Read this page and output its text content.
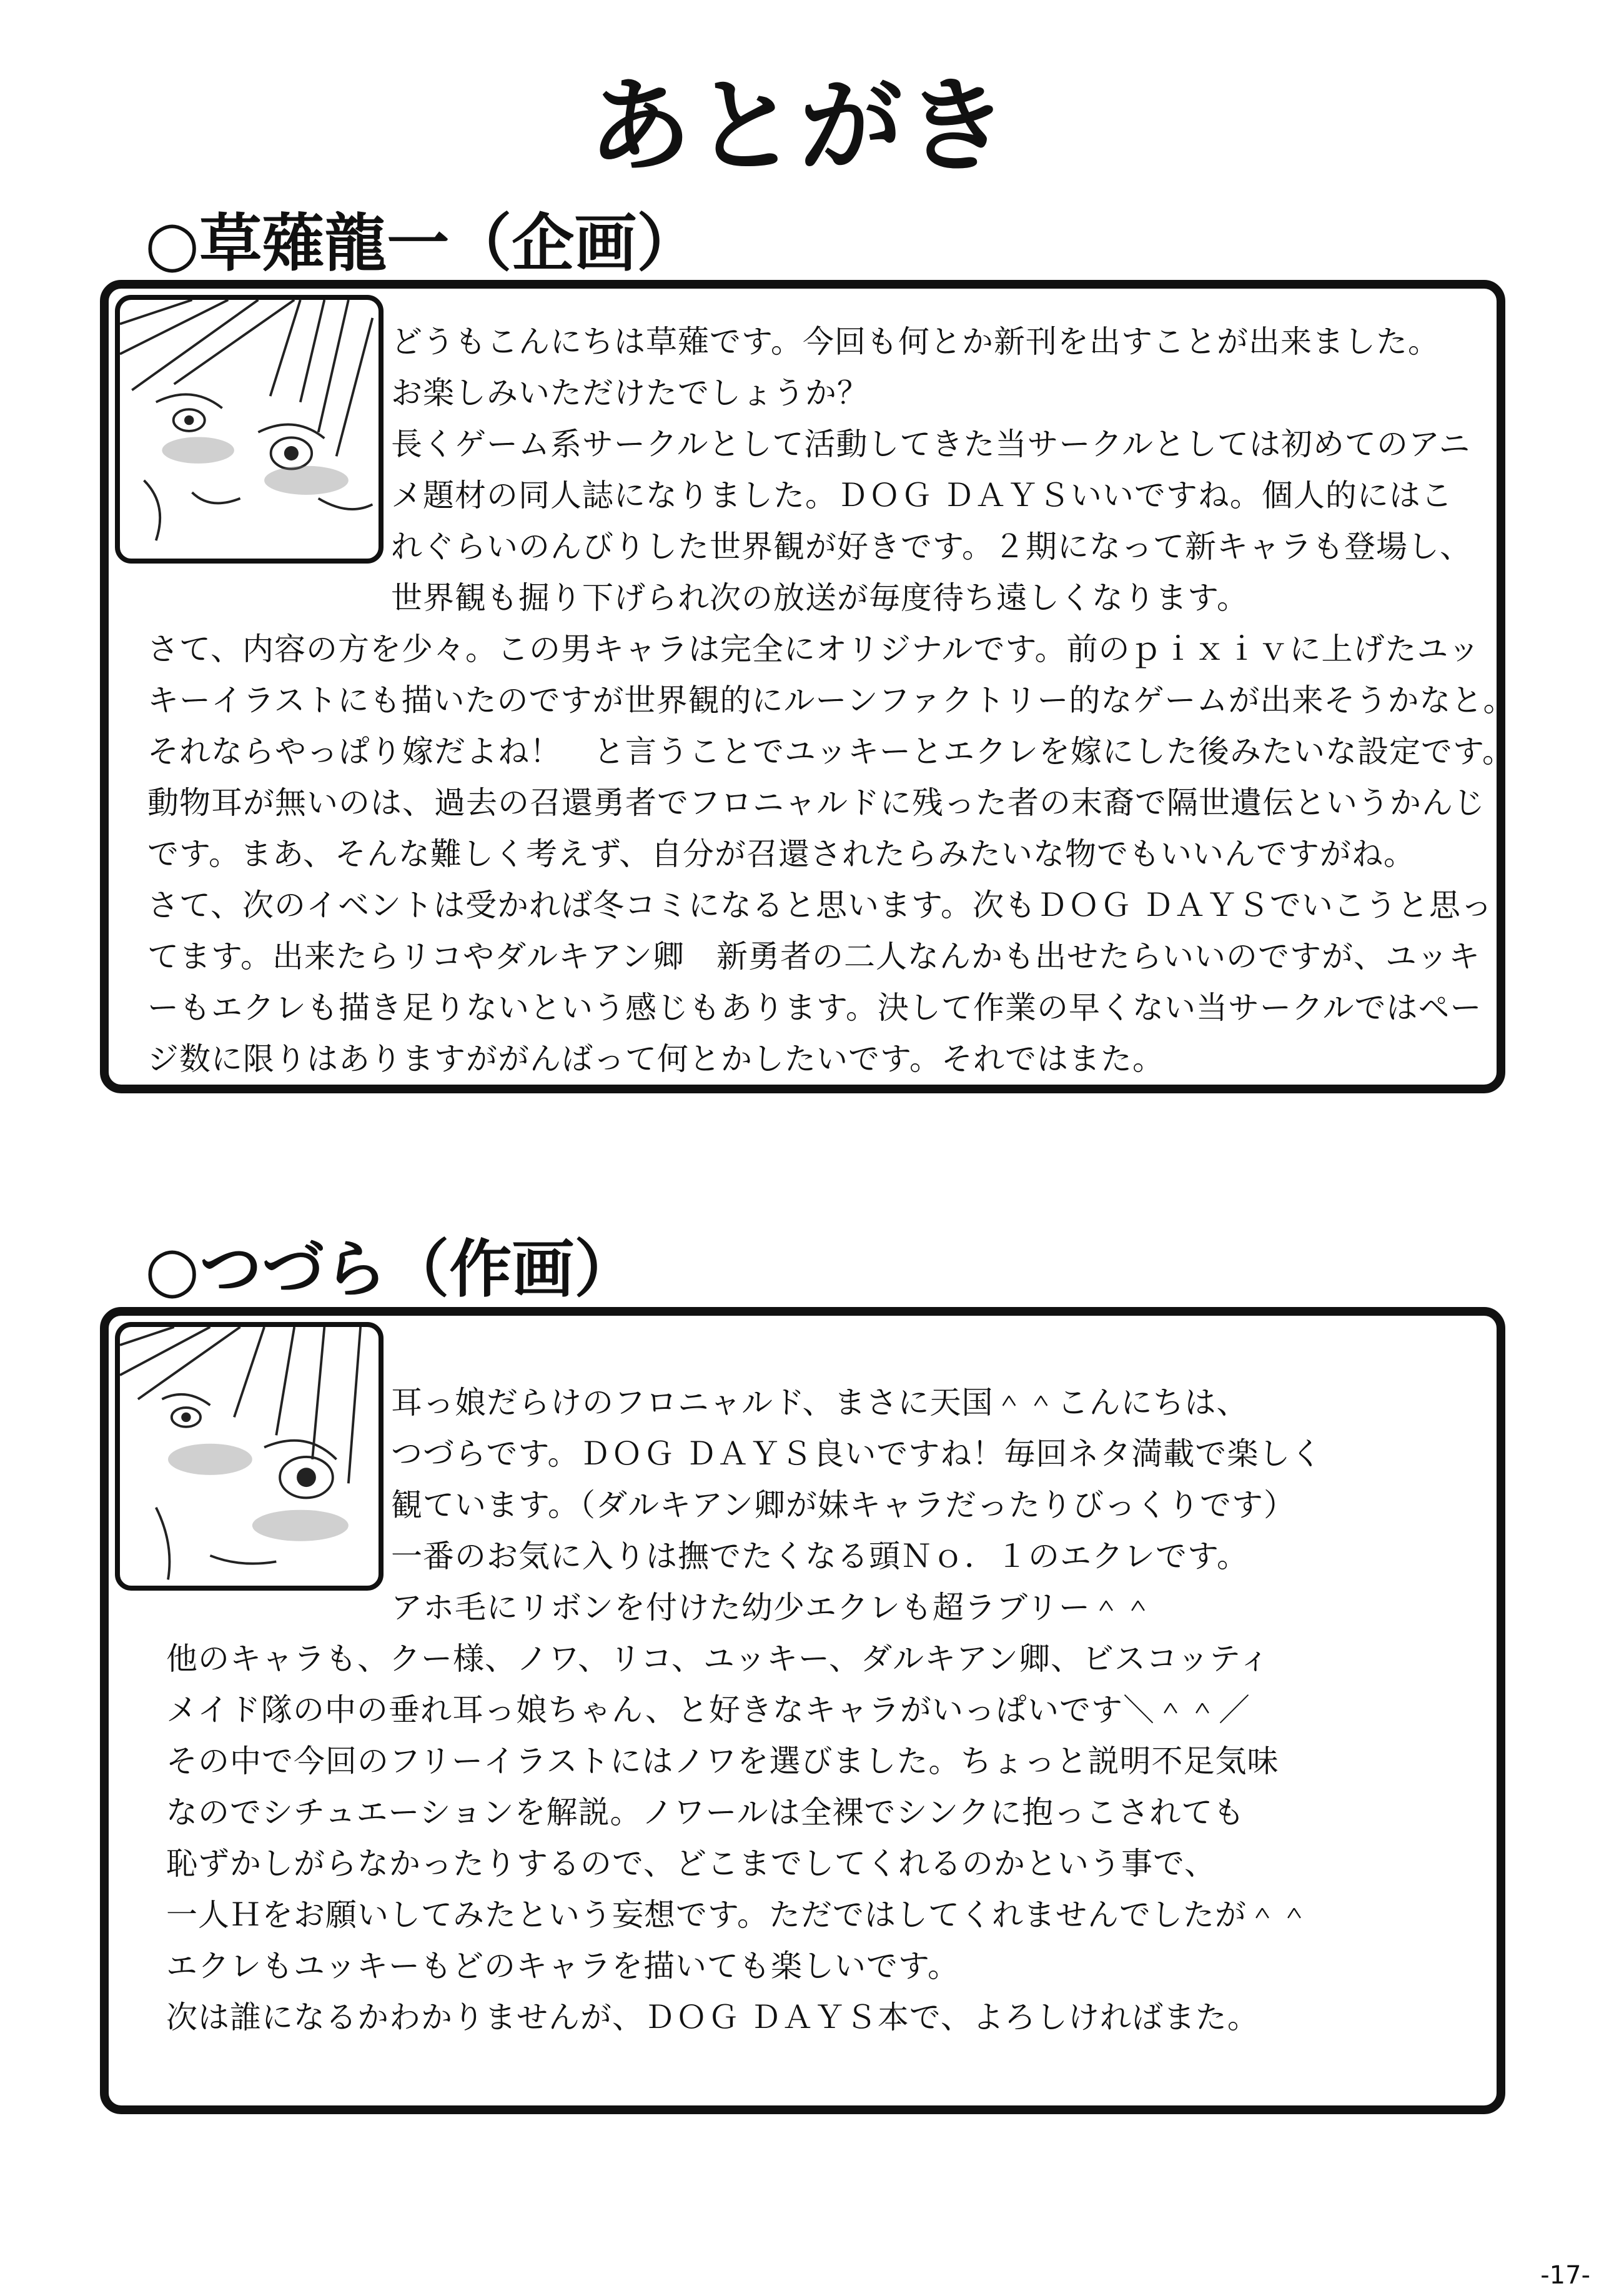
あとがき
○草薙龍一（企画）
どうもこんにちは草薙です。今回も何とか新刊を出すことが出来ました。
お楽しみいただけたでしょうか？
長くゲーム系サークルとして活動してきた当サークルとしては初めてのアニ
メ題材の同人誌になりました。ＤＯＧ ＤＡＹＳいいですね。個人的にはこ
れぐらいのんびりした世界観が好きです。２期になって新キャラも登場し、
世界観も掘り下げられ次の放送が毎度待ち遠しくなります。
さて、内容の方を少々。この男キャラは完全にオリジナルです。前のｐｉｘｉｖに上げたユッ
キーイラストにも描いたのですが世界観的にルーンファクトリー的なゲームが出来そうかなと。
それならやっぱり嫁だよね！　と言うことでユッキーとエクレを嫁にした後みたいな設定です。
動物耳が無いのは、過去の召還勇者でフロニャルドに残った者の末裔で隔世遺伝というかんじ
です。まあ、そんな難しく考えず、自分が召還されたらみたいな物でもいいんですがね。
さて、次のイベントは受かれば冬コミになると思います。次もＤＯＧ ＤＡＹＳでいこうと思っ
てます。出来たらリコやダルキアン卿　新勇者の二人なんかも出せたらいいのですが、ユッキ
ーもエクレも描き足りないという感じもあります。決して作業の早くない当サークルではペー
ジ数に限りはありますががんばって何とかしたいです。それではまた。
○つづら（作画）
耳っ娘だらけのフロニャルド、まさに天国＾＾こんにちは、
つづらです。ＤＯＧ ＤＡＹＳ良いですね！毎回ネタ満載で楽しく
観ています。（ダルキアン卿が妹キャラだったりびっくりです）
一番のお気に入りは撫でたくなる頭Ｎｏ．１のエクレです。
アホ毛にリボンを付けた幼少エクレも超ラブリー＾＾
他のキャラも、クー様、ノワ、リコ、ユッキー、ダルキアン卿、ビスコッティ
メイド隊の中の垂れ耳っ娘ちゃん、と好きなキャラがいっぱいです＼＾＾／
その中で今回のフリーイラストにはノワを選びました。ちょっと説明不足気味
なのでシチュエーションを解説。ノワールは全裸でシンクに抱っこされても
恥ずかしがらなかったりするので、どこまでしてくれるのかという事で、
一人Ｈをお願いしてみたという妄想です。ただではしてくれませんでしたが＾＾
エクレもユッキーもどのキャラを描いても楽しいです。
次は誰になるかわかりませんが、ＤＯＧ ＤＡＹＳ本で、よろしければまた。
-17-
